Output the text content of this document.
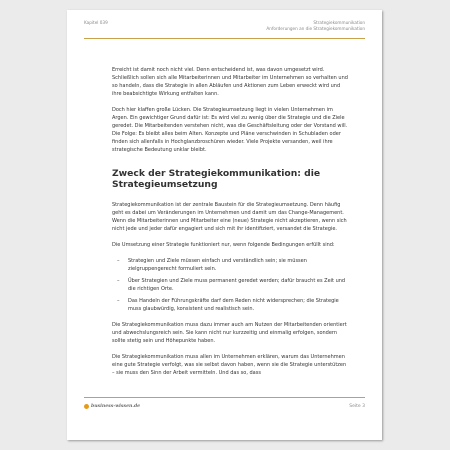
Kapitel 039	Strategiekommunikation
Anforderungen an die Strategiekommunikation

Erreicht ist damit noch nicht viel. Denn entscheidend ist, was davon umgesetzt wird. Schließlich sollen sich alle Mitarbeiterinnen und Mitarbeiter im Unternehmen so verhalten und so handeln, dass die Strategie in allen Abläufen und Aktionen zum Leben erweckt wird und ihre beabsichtigte Wirkung entfalten kann.

Doch hier klaffen große Lücken. Die Strategieumsetzung liegt in vielen Unternehmen im Argen. Ein gewichtiger Grund dafür ist: Es wird viel zu wenig über die Strategie und die Ziele geredet. Die Mitarbeitenden verstehen nicht, was die Geschäftsleitung oder der Vorstand will. Die Folge: Es bleibt alles beim Alten. Konzepte und Pläne verschwinden in Schubladen oder finden sich allenfalls in Hochglanzbroschüren wieder. Viele Projekte versanden, weil ihre strategische Bedeutung unklar bleibt.

Zweck der Strategiekommunikation: die Strategieumsetzung

Strategiekommunikation ist der zentrale Baustein für die Strategieumsetzung. Denn häufig geht es dabei um Veränderungen im Unternehmen und damit um das Change-Management. Wenn die Mitarbeiterinnen und Mitarbeiter eine (neue) Strategie nicht akzeptieren, wenn sich nicht jede und jeder dafür engagiert und sich mit ihr identifiziert, versandet die Strategie.

Die Umsetzung einer Strategie funktioniert nur, wenn folgende Bedingungen erfüllt sind:

– Strategien und Ziele müssen einfach und verständlich sein; sie müssen zielgruppengerecht formuliert sein.
– Über Strategien und Ziele muss permanent geredet werden; dafür braucht es Zeit und die richtigen Orte.
– Das Handeln der Führungskräfte darf dem Reden nicht widersprechen; die Strategie muss glaubwürdig, konsistent und realistisch sein.

Die Strategiekommunikation muss dazu immer auch am Nutzen der Mitarbeitenden orientiert und abwechslungsreich sein. Sie kann nicht nur kurzzeitig und einmalig erfolgen, sondern sollte stetig sein und Höhepunkte haben.

Die Strategiekommunikation muss allen im Unternehmen erklären, warum das Unternehmen eine gute Strategie verfolgt, was sie selbst davon haben, wenn sie die Strategie unterstützen – sie muss den Sinn der Arbeit vermitteln. Und das so, dass

business-wissen.de	Seite 3
